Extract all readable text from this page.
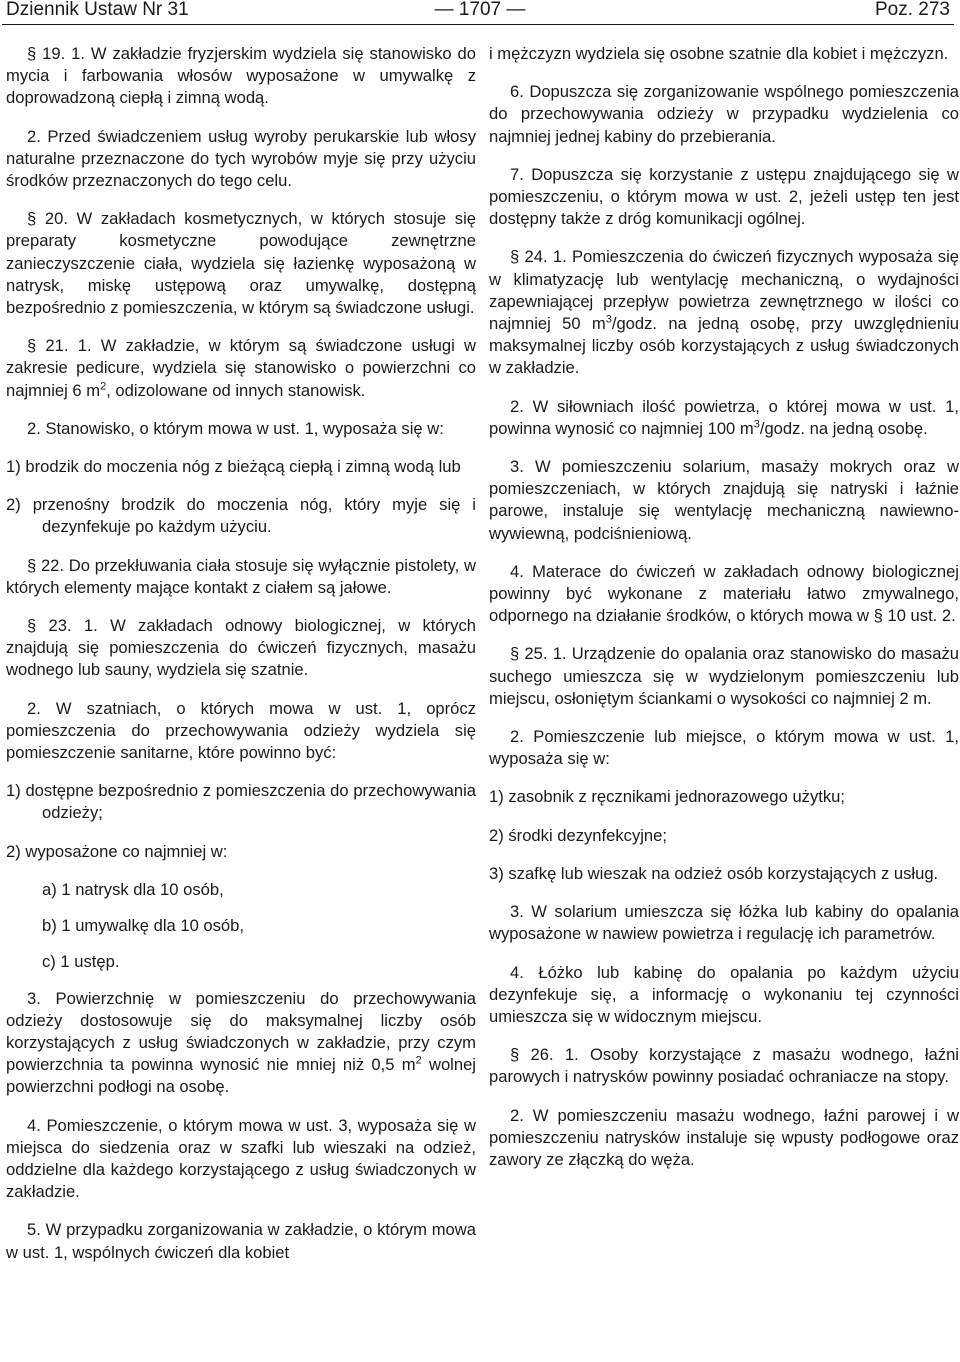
Dziennik Ustaw Nr 31	— 1707 —	Poz. 273

§ 19. 1. W zakładzie fryzjerskim wydziela się stanowisko do mycia i farbowania włosów wyposażone w umywalkę z doprowadzoną ciepłą i zimną wodą.

2. Przed świadczeniem usług wyroby perukarskie lub włosy naturalne przeznaczone do tych wyrobów myje się przy użyciu środków przeznaczonych do tego celu.

§ 20. W zakładach kosmetycznych, w których stosuje się preparaty kosmetyczne powodujące zewnętrzne zanieczyszczenie ciała, wydziela się łazienkę wyposażoną w natrysk, miskę ustępową oraz umywalkę, dostępną bezpośrednio z pomieszczenia, w którym są świadczone usługi.

§ 21. 1. W zakładzie, w którym są świadczone usługi w zakresie pedicure, wydziela się stanowisko o powierzchni co najmniej 6 $m^2$, odizolowane od innych stanowisk.

2. Stanowisko, o którym mowa w ust. 1, wyposaża się w:

1) brodzik do moczenia nóg z bieżącą ciepłą i zimną wodą lub

2) przenośny brodzik do moczenia nóg, który myje się i dezynfekuje po każdym użyciu.

§ 22. Do przekłuwania ciała stosuje się wyłącznie pistolety, w których elementy mające kontakt z ciałem są jałowe.

§ 23. 1. W zakładach odnowy biologicznej, w których znajdują się pomieszczenia do ćwiczeń fizycznych, masażu wodnego lub sauny, wydziela się szatnie.

2. W szatniach, o których mowa w ust. 1, oprócz pomieszczenia do przechowywania odzieży wydziela się pomieszczenie sanitarne, które powinno być:

1) dostępne bezpośrednio z pomieszczenia do przechowywania odzieży;

2) wyposażone co najmniej w:

a) 1 natrysk dla 10 osób,

b) 1 umywalkę dla 10 osób,

c) 1 ustęp.

3. Powierzchnię w pomieszczeniu do przechowywania odzieży dostosowuje się do maksymalnej liczby osób korzystających z usług świadczonych w zakładzie, przy czym powierzchnia ta powinna wynosić nie mniej niż 0,5 $m^2$ wolnej powierzchni podłogi na osobę.

4. Pomieszczenie, o którym mowa w ust. 3, wyposaża się w miejsca do siedzenia oraz w szafki lub wieszaki na odzież, oddzielne dla każdego korzystającego z usług świadczonych w zakładzie.

5. W przypadku zorganizowania w zakładzie, o którym mowa w ust. 1, wspólnych ćwiczeń dla kobiet

i mężczyzn wydziela się osobne szatnie dla kobiet i mężczyzn.

6. Dopuszcza się zorganizowanie wspólnego pomieszczenia do przechowywania odzieży w przypadku wydzielenia co najmniej jednej kabiny do przebierania.

7. Dopuszcza się korzystanie z ustępu znajdującego się w pomieszczeniu, o którym mowa w ust. 2, jeżeli ustęp ten jest dostępny także z dróg komunikacji ogólnej.

§ 24. 1. Pomieszczenia do ćwiczeń fizycznych wyposaża się w klimatyzację lub wentylację mechaniczną, o wydajności zapewniającej przepływ powietrza zewnętrznego w ilości co najmniej 50 $m^3$/godz. na jedną osobę, przy uwzględnieniu maksymalnej liczby osób korzystających z usług świadczonych w zakładzie.

2. W siłowniach ilość powietrza, o której mowa w ust. 1, powinna wynosić co najmniej 100 $m^3$/godz. na jedną osobę.

3. W pomieszczeniu solarium, masaży mokrych oraz w pomieszczeniach, w których znajdują się natryski i łaźnie parowe, instaluje się wentylację mechaniczną nawiewno-wywiewną, podciśnieniową.

4. Materace do ćwiczeń w zakładach odnowy biologicznej powinny być wykonane z materiału łatwo zmywalnego, odpornego na działanie środków, o których mowa w § 10 ust. 2.

§ 25. 1. Urządzenie do opalania oraz stanowisko do masażu suchego umieszcza się w wydzielonym pomieszczeniu lub miejscu, osłoniętym ściankami o wysokości co najmniej 2 m.

2. Pomieszczenie lub miejsce, o którym mowa w ust. 1, wyposaża się w:

1) zasobnik z ręcznikami jednorazowego użytku;

2) środki dezynfekcyjne;

3) szafkę lub wieszak na odzież osób korzystających z usług.

3. W solarium umieszcza się łóżka lub kabiny do opalania wyposażone w nawiew powietrza i regulację ich parametrów.

4. Łóżko lub kabinę do opalania po każdym użyciu dezynfekuje się, a informację o wykonaniu tej czynności umieszcza się w widocznym miejscu.

§ 26. 1. Osoby korzystające z masażu wodnego, łaźni parowych i natrysków powinny posiadać ochraniacze na stopy.

2. W pomieszczeniu masażu wodnego, łaźni parowej i w pomieszczeniu natrysków instaluje się wpusty podłogowe oraz zawory ze złączką do węża.
